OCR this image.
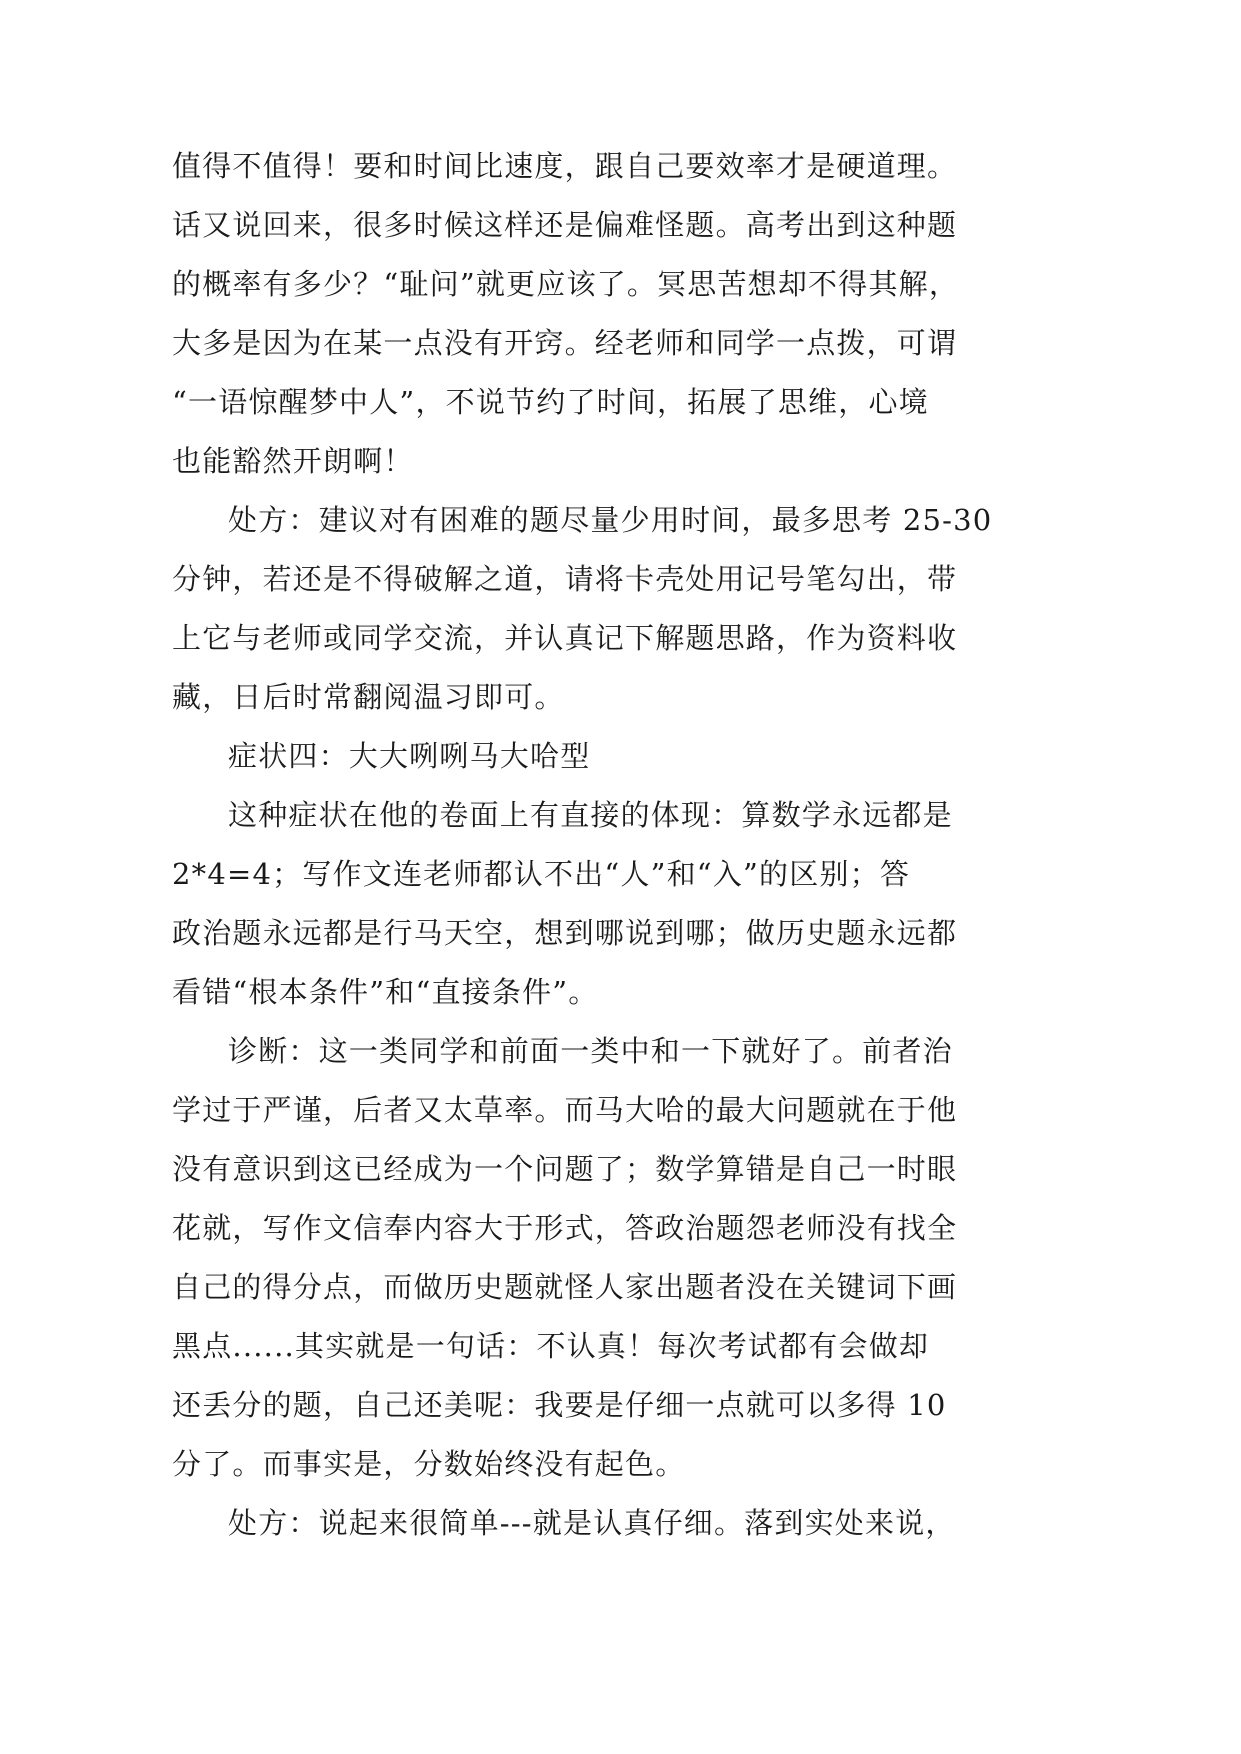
值得不值得！要和时间比速度，跟自己要效率才是硬道理。
话又说回来，很多时候这样还是偏难怪题。高考出到这种题
的概率有多少？“耻问”就更应该了。冥思苦想却不得其解，
大多是因为在某一点没有开窍。经老师和同学一点拨，可谓
“一语惊醒梦中人”，不说节约了时间，拓展了思维，心境
也能豁然开朗啊！
处方：建议对有困难的题尽量少用时间，最多思考 25-30
分钟，若还是不得破解之道，请将卡壳处用记号笔勾出，带
上它与老师或同学交流，并认真记下解题思路，作为资料收
藏，日后时常翻阅温习即可。
症状四：大大咧咧马大哈型
这种症状在他的卷面上有直接的体现：算数学永远都是
2*4=4；写作文连老师都认不出“人”和“入”的区别；答
政治题永远都是行马天空，想到哪说到哪；做历史题永远都
看错“根本条件”和“直接条件”。
诊断：这一类同学和前面一类中和一下就好了。前者治
学过于严谨，后者又太草率。而马大哈的最大问题就在于他
没有意识到这已经成为一个问题了；数学算错是自己一时眼
花就，写作文信奉内容大于形式，答政治题怨老师没有找全
自己的得分点，而做历史题就怪人家出题者没在关键词下画
黑点......其实就是一句话：不认真！每次考试都有会做却
还丢分的题，自己还美呢：我要是仔细一点就可以多得 10
分了。而事实是，分数始终没有起色。
处方：说起来很简单---就是认真仔细。落到实处来说，
